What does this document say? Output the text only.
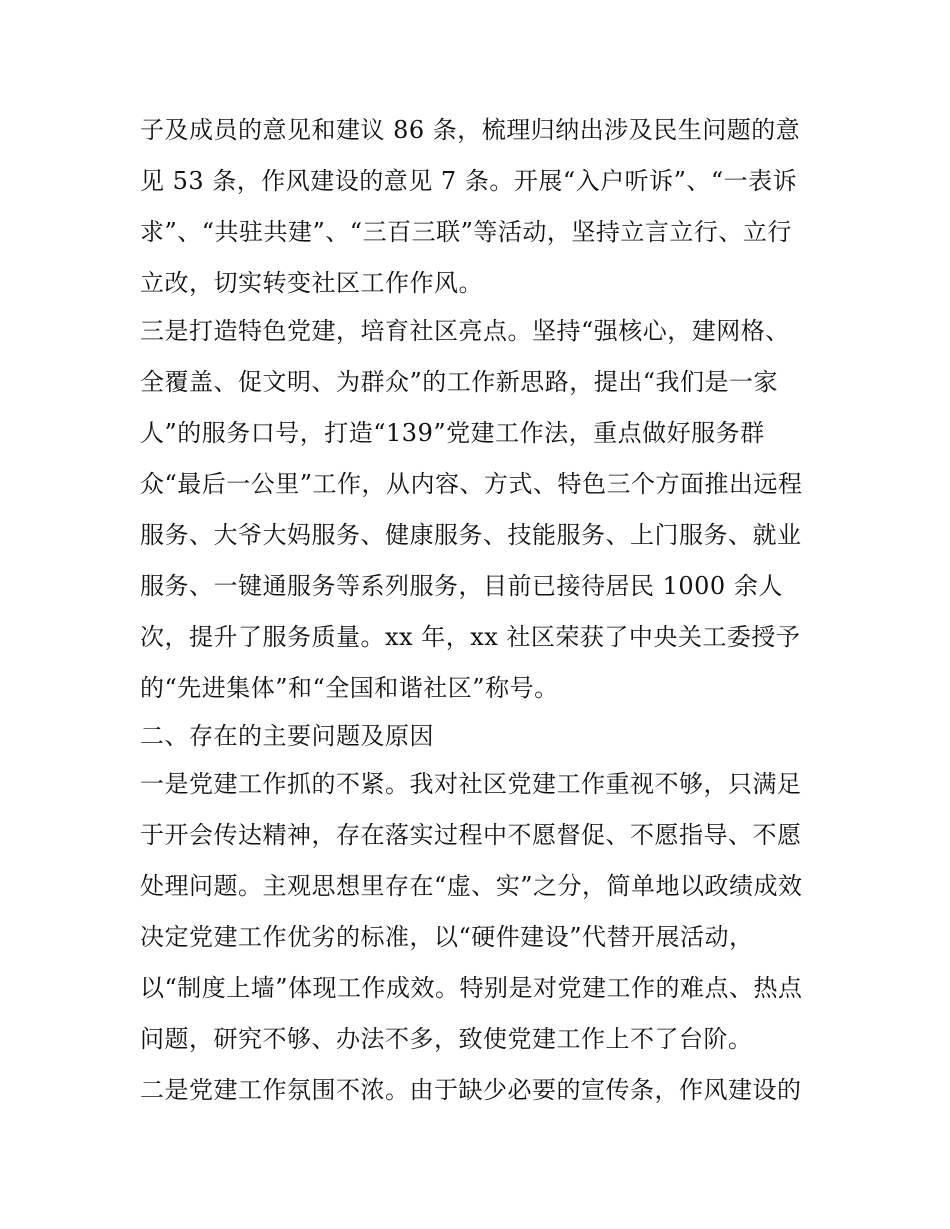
子及成员的意见和建议 86 条，梳理归纳出涉及民生问题的意
见 53 条，作风建设的意见 7 条。开展“入户听诉”、“一表诉
求”、“共驻共建”、“三百三联”等活动，坚持立言立行、立行
立改，切实转变社区工作作风。
三是打造特色党建，培育社区亮点。坚持“强核心，建网格、
全覆盖、促文明、为群众”的工作新思路，提出“我们是一家
人”的服务口号，打造“139”党建工作法，重点做好服务群
众“最后一公里”工作，从内容、方式、特色三个方面推出远程
服务、大爷大妈服务、健康服务、技能服务、上门服务、就业
服务、一键通服务等系列服务，目前已接待居民 1000 余人
次，提升了服务质量。xx 年，xx 社区荣获了中央关工委授予
的“先进集体”和“全国和谐社区”称号。
二、存在的主要问题及原因
一是党建工作抓的不紧。我对社区党建工作重视不够，只满足
于开会传达精神，存在落实过程中不愿督促、不愿指导、不愿
处理问题。主观思想里存在“虚、实”之分，简单地以政绩成效
决定党建工作优劣的标准，以“硬件建设”代替开展活动，
以“制度上墙”体现工作成效。特别是对党建工作的难点、热点
问题，研究不够、办法不多，致使党建工作上不了台阶。
二是党建工作氛围不浓。由于缺少必要的宣传条，作风建设的
